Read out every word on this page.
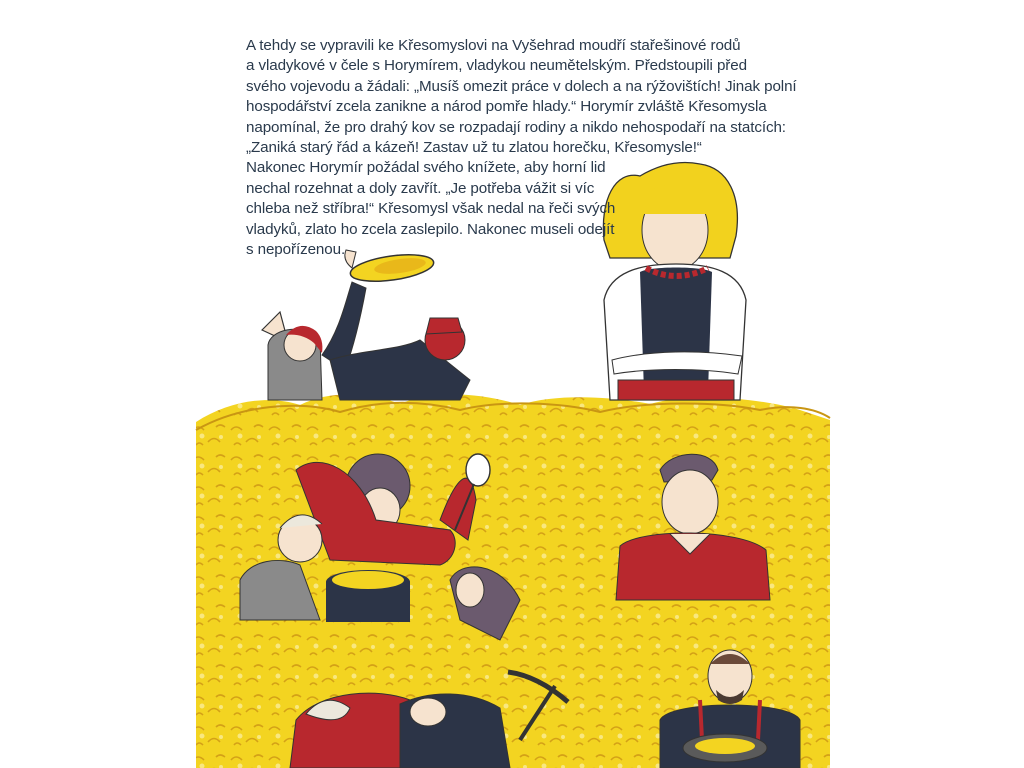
A tehdy se vypravili ke Křesomyslovi na Vyšehrad moudří stařešinové rodů
a vladykové v čele s Horymírem, vladykou neumětelským. Předstoupili před
svého vojevodu a žádali: „Musíš omezit práce v dolech a na rýžovištích! Jinak polní
hospodářství zcela zanikne a národ pomře hlady.“ Horymír zvláště Křesomysla
napomínal, že pro drahý kov se rozpadají rodiny a nikdo nehospodaří na statcích:
„Zaniká starý řád a kázeň! Zastav už tu zlatou horečku, Křesomysle!“
Nakonec Horymír požádal svého knížete, aby horní lid
nechal rozehnat a doly zavřít. „Je potřeba vážit si víc
chleba než stříbra!“ Křesomysl však nedal na řeči svých
vladyků, zlato ho zcela zaslepilo. Nakonec museli odejít
s nepořízenou.
